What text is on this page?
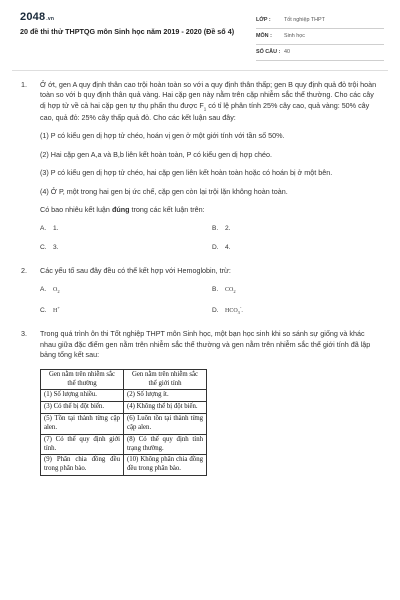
2048.vn
20 đề thi thử THPTQG môn Sinh học năm 2019 - 2020 (Đề số 4)
LỚP :	Tốt nghiệp THPT
MÔN :	Sinh học
SỐ CÂU : 40
1. Ở ớt, gen A quy định thân cao trội hoàn toàn so với a quy định thân thấp; gen B quy định quả đỏ trội hoàn toàn so với b quy định thân quả vàng. Hai cặp gen này nằm trên cặp nhiễm sắc thể thường. Cho các cây dị hợp tử về cả hai cặp gen tự thụ phấn thu được $F_1$ có tỉ lệ phân tính 25% cây cao, quả vàng: 50% cây cao, quả đỏ: 25% cây thấp quả đỏ. Cho các kết luận sau đây:

(1) P có kiểu gen dị hợp tử chéo, hoán vị gen ở một giới tính với tần số 50%.

(2) Hai cặp gen A,a và B,b liên kết hoàn toàn, P có kiểu gen dị hợp chéo.

(3) P có kiểu gen dị hợp tử chéo, hai cặp gen liên kết hoàn toàn hoặc có hoán bị ở một bên.

(4) Ở P, một trong hai gen bị ức chế, cặp gen còn lại trội lặn không hoàn toàn.

Có bao nhiêu kết luận đúng trong các kết luận trên:

A. 1.	B. 2.
C. 3.	D. 4.
2. Các yếu tố sau đây đều có thể kết hợp với Hemoglobin, trừ:

A. $O_2$	B. $CO_2$
C. H+	D. $HCO_3^-$.
3. Trong quá trình ôn thi Tốt nghiệp THPT môn Sinh học, một bạn học sinh khi so sánh sự giống và khác nhau giữa đặc điểm gen nằm trên nhiễm sắc thể thường và gen nằm trên nhiễm sắc thể giới tính đã lập bảng tổng kết sau:

Gen nằm trên nhiễm sắc thể thường	Gen nằm trên nhiễm sắc thể giới tính
(1) Số lượng nhiều.	(2) Số lượng ít.
(3) Có thể bị đột biến.	(4) Không thể bị đột biến.
(5) Tồn tại thành từng cặp alen.	(6) Luôn tồn tại thành từng cặp alen.
(7) Có thể quy định giới tính.	(8) Có thể quy định tính trạng thường.
(9) Phân chia đồng đều trong phân bào.	(10) Không phân chia đồng đều trong phân bào.
